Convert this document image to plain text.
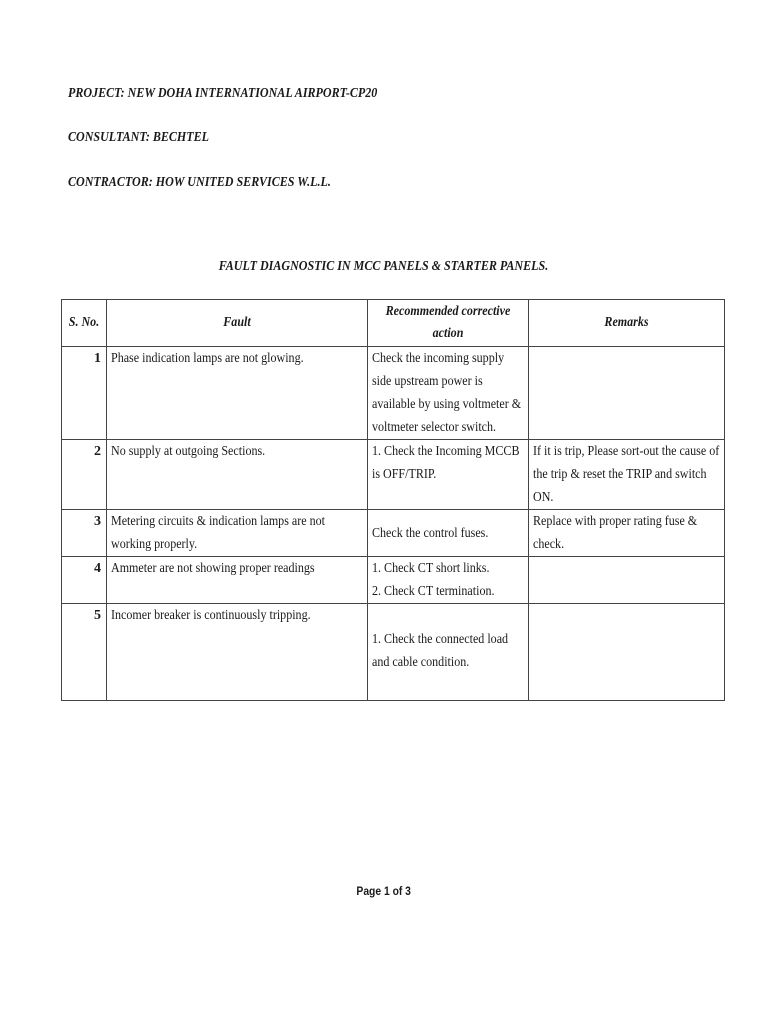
PROJECT: NEW DOHA INTERNATIONAL AIRPORT-CP20
CONSULTANT: BECHTEL
CONTRACTOR: HOW UNITED SERVICES W.L.L.
FAULT DIAGNOSTIC IN MCC PANELS & STARTER PANELS.
S. No.	Fault	Recommended corrective action	Remarks

1	Phase indication lamps are not glowing.	Check the incoming supply side upstream power is available by using voltmeter & voltmeter selector switch.	

2	No supply at outgoing Sections.	1. Check the Incoming MCCB is OFF/TRIP.	If it is trip, Please sort-out the cause of the trip & reset the TRIP and switch ON.

3	Metering circuits & indication lamps are not working properly.	Check the control fuses.	Replace with proper rating fuse & check.

4	Ammeter are not showing proper readings	1. Check CT short links.
2. Check CT termination.	

5	Incomer breaker is continuously tripping.	1. Check the connected load and cable condition.	

Page 1 of 3
